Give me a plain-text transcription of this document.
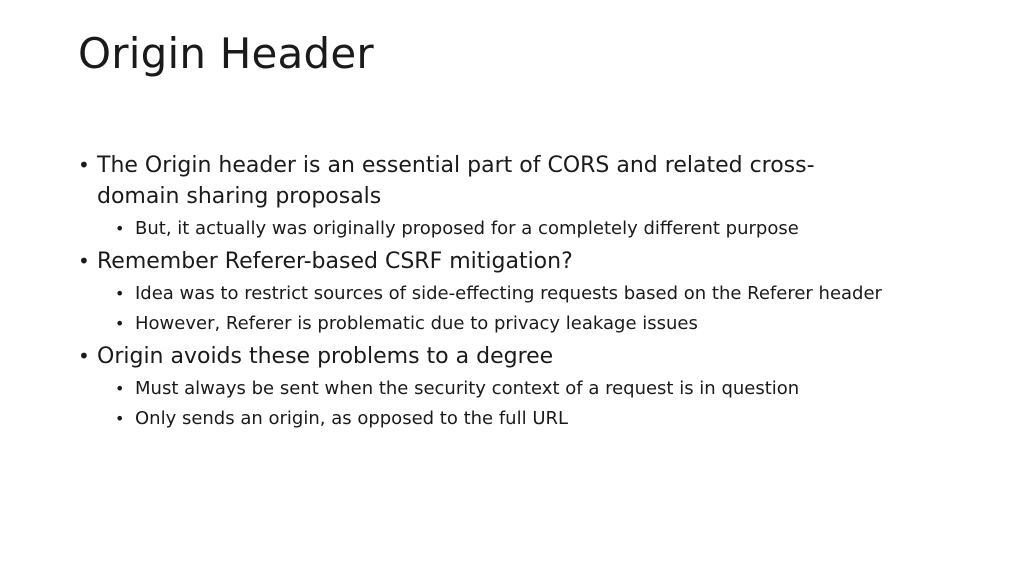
Origin Header
• The Origin header is an essential part of CORS and related cross-
domain sharing proposals
• But, it actually was originally proposed for a completely different purpose
• Remember Referer-based CSRF mitigation?
• Idea was to restrict sources of side-effecting requests based on the Referer header
• However, Referer is problematic due to privacy leakage issues
• Origin avoids these problems to a degree
• Must always be sent when the security context of a request is in question
• Only sends an origin, as opposed to the full URL
